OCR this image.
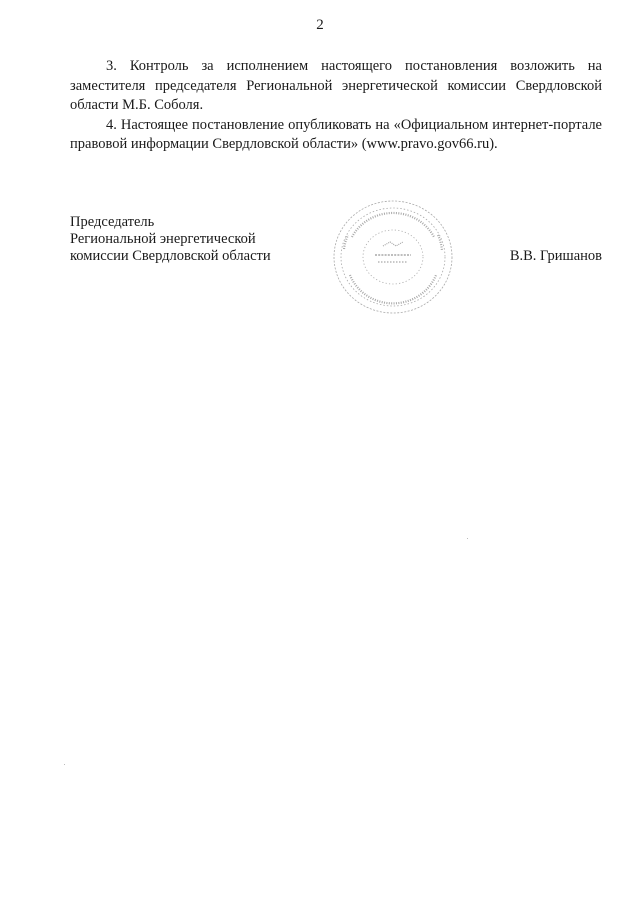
2

3. Контроль за исполнением настоящего постановления возложить на заместителя председателя Региональной энергетической комиссии Свердловской области М.Б. Соболя.

4. Настоящее постановление опубликовать на «Официальном интернет-портале правовой информации Свердловской области» (www.pravo.gov66.ru).

Председатель
Региональной энергетической
комиссии Свердловской области	В.В. Гришанов
